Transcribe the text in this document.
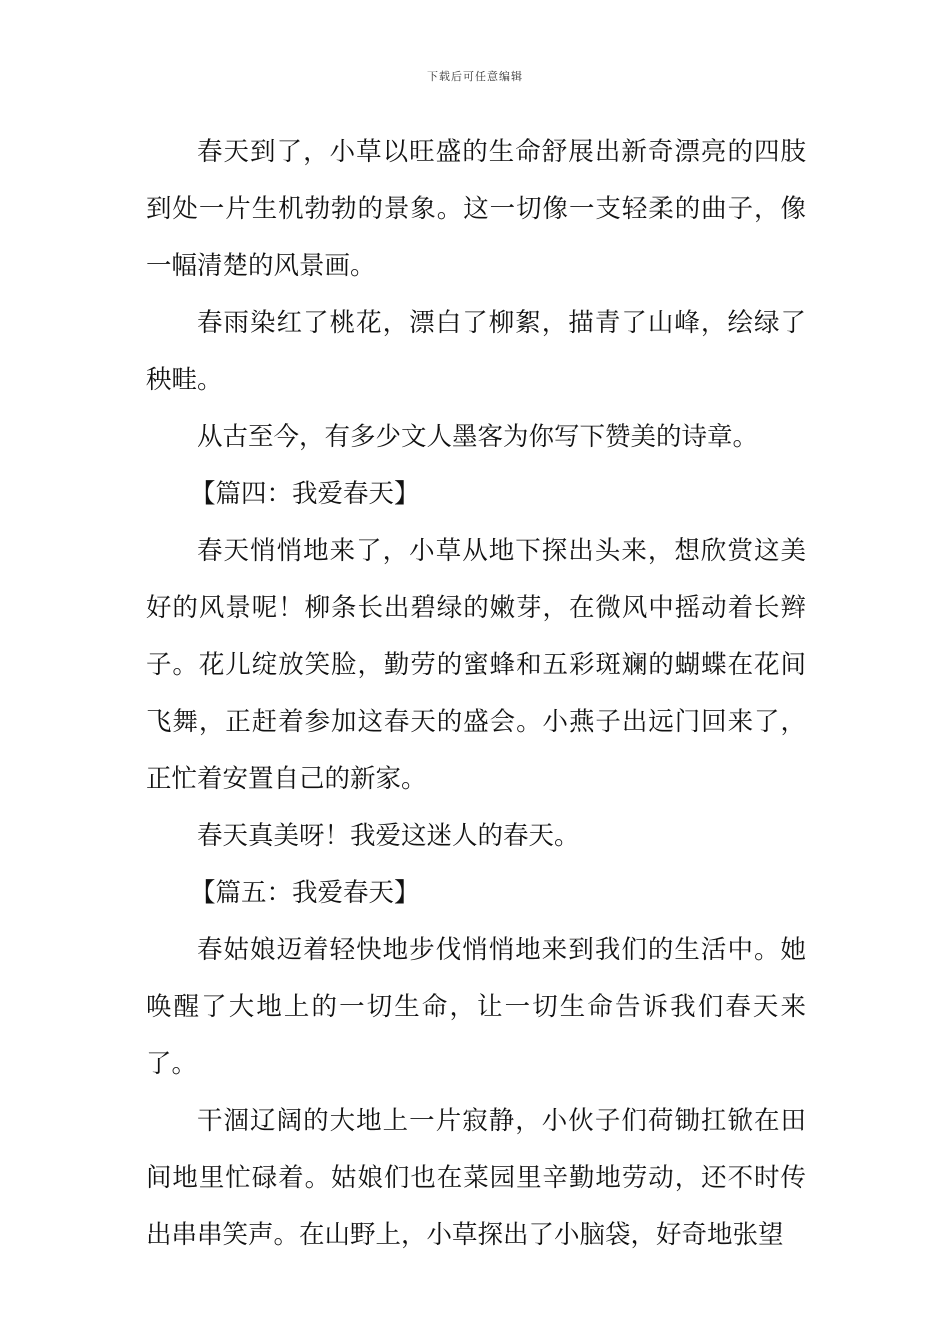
下载后可任意编辑

春天到了，小草以旺盛的生命舒展出新奇漂亮的四肢到处一片生机勃勃的景象。这一切像一支轻柔的曲子，像一幅清楚的风景画。

春雨染红了桃花，漂白了柳絮，描青了山峰，绘绿了秧畦。

从古至今，有多少文人墨客为你写下赞美的诗章。

【篇四：我爱春天】

春天悄悄地来了，小草从地下探出头来，想欣赏这美好的风景呢！柳条长出碧绿的嫩芽，在微风中摇动着长辫子。花儿绽放笑脸，勤劳的蜜蜂和五彩斑斓的蝴蝶在花间飞舞，正赶着参加这春天的盛会。小燕子出远门回来了，正忙着安置自己的新家。

春天真美呀！我爱这迷人的春天。

【篇五：我爱春天】

春姑娘迈着轻快地步伐悄悄地来到我们的生活中。她唤醒了大地上的一切生命，让一切生命告诉我们春天来了。

干涸辽阔的大地上一片寂静，小伙子们荷锄扛锨在田间地里忙碌着。姑娘们也在菜园里辛勤地劳动，还不时传出串串笑声。在山野上，小草探出了小脑袋，好奇地张望
